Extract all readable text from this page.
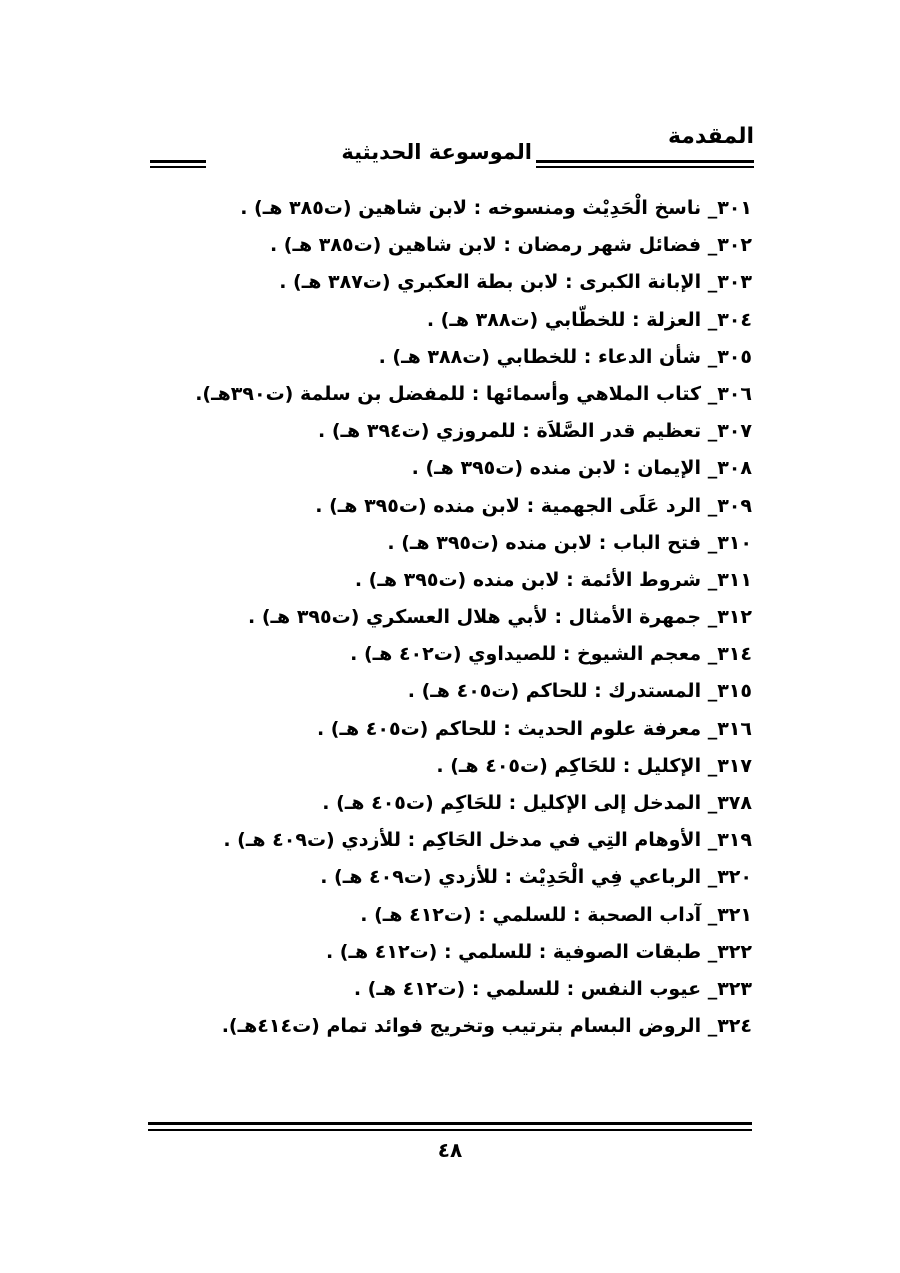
المقدمة
الموسوعة الحديثية
٣٠١_ ناسخ الْحَدِيْث ومنسوخه : لابن شاهين (ت٣٨٥ هـ) .
٣٠٢_ فضائل شهر رمضان : لابن شاهين (ت٣٨٥ هـ) .
٣٠٣_ الإبانة الكبرى : لابن بطة العكبري (ت٣٨٧ هـ) .
٣٠٤_ العزلة : للخطّابي (ت٣٨٨ هـ) .
٣٠٥_ شأن الدعاء : للخطابي (ت٣٨٨ هـ) .
٣٠٦_ كتاب الملاهي وأسمائها : للمفضل بن سلمة (ت٣٩٠هـ).
٣٠٧_ تعظيم قدر الصَّلاَة : للمروزي (ت٣٩٤ هـ) .
٣٠٨_ الإيمان : لابن منده (ت٣٩٥ هـ) .
٣٠٩_ الرد عَلَى الجهمية : لابن منده (ت٣٩٥ هـ) .
٣١٠_ فتح الباب : لابن منده (ت٣٩٥ هـ) .
٣١١_ شروط الأئمة : لابن منده (ت٣٩٥ هـ) .
٣١٢_ جمهرة الأمثال : لأبي هلال العسكري (ت٣٩٥ هـ) .
٣١٤_ معجم الشيوخ : للصيداوي (ت٤٠٢ هـ) .
٣١٥_ المستدرك : للحاكم (ت٤٠٥ هـ) .
٣١٦_ معرفة علوم الحديث : للحاكم (ت٤٠٥ هـ) .
٣١٧_ الإكليل : للحَاكِم (ت٤٠٥ هـ) .
٣٧٨_ المدخل إلى الإكليل : للحَاكِم (ت٤٠٥ هـ) .
٣١٩_ الأوهام التِي في مدخل الحَاكِم : للأزدي (ت٤٠٩ هـ) .
٣٢٠_ الرباعي فِي الْحَدِيْث : للأزدي (ت٤٠٩ هـ) .
٣٢١_ آداب الصحبة : للسلمي : (ت٤١٢ هـ) .
٣٢٢_ طبقات الصوفية : للسلمي : (ت٤١٢ هـ) .
٣٢٣_ عيوب النفس : للسلمي : (ت٤١٢ هـ) .
٣٢٤_ الروض البسام بترتيب وتخريج فوائد تمام (ت٤١٤هـ).
٤٨
